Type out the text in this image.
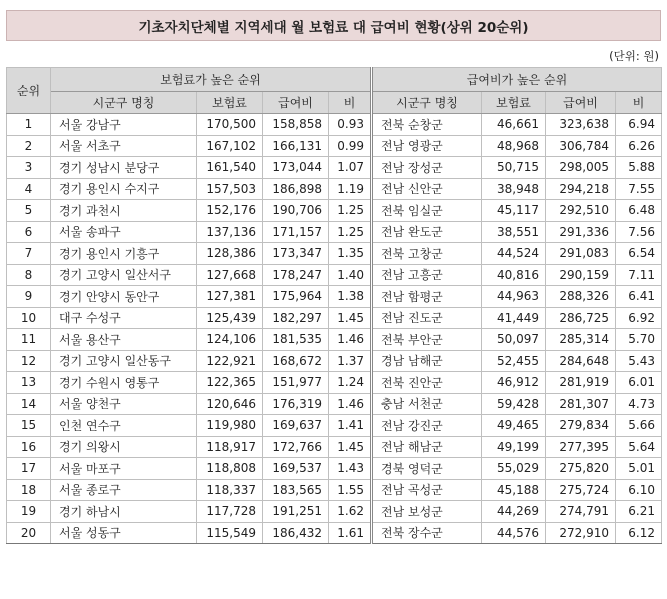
기초자치단체별 지역세대 월 보험료 대 급여비 현황(상위 20순위)
(단위: 원)
순위	보험료가 높은 순위				급여비가 높은 순위			
	시군구 명칭	보험료	급여비	비	시군구 명칭	보험료	급여비	비
1	서울 강남구	170,500	158,858	0.93	전북 순창군	46,661	323,638	6.94
2	서울 서초구	167,102	166,131	0.99	전남 영광군	48,968	306,784	6.26
3	경기 성남시 분당구	161,540	173,044	1.07	전남 장성군	50,715	298,005	5.88
4	경기 용인시 수지구	157,503	186,898	1.19	전남 신안군	38,948	294,218	7.55
5	경기 과천시	152,176	190,706	1.25	전북 임실군	45,117	292,510	6.48
6	서울 송파구	137,136	171,157	1.25	전남 완도군	38,551	291,336	7.56
7	경기 용인시 기흥구	128,386	173,347	1.35	전북 고창군	44,524	291,083	6.54
8	경기 고양시 일산서구	127,668	178,247	1.40	전남 고흥군	40,816	290,159	7.11
9	경기 안양시 동안구	127,381	175,964	1.38	전남 함평군	44,963	288,326	6.41
10	대구 수성구	125,439	182,297	1.45	전남 진도군	41,449	286,725	6.92
11	서울 용산구	124,106	181,535	1.46	전북 부안군	50,097	285,314	5.70
12	경기 고양시 일산동구	122,921	168,672	1.37	경남 남해군	52,455	284,648	5.43
13	경기 수원시 영통구	122,365	151,977	1.24	전북 진안군	46,912	281,919	6.01
14	서울 양천구	120,646	176,319	1.46	충남 서천군	59,428	281,307	4.73
15	인천 연수구	119,980	169,637	1.41	전남 강진군	49,465	279,834	5.66
16	경기 의왕시	118,917	172,766	1.45	전남 해남군	49,199	277,395	5.64
17	서울 마포구	118,808	169,537	1.43	경북 영덕군	55,029	275,820	5.01
18	서울 종로구	118,337	183,565	1.55	전남 곡성군	45,188	275,724	6.10
19	경기 하남시	117,728	191,251	1.62	전남 보성군	44,269	274,791	6.21
20	서울 성동구	115,549	186,432	1.61	전북 장수군	44,576	272,910	6.12
